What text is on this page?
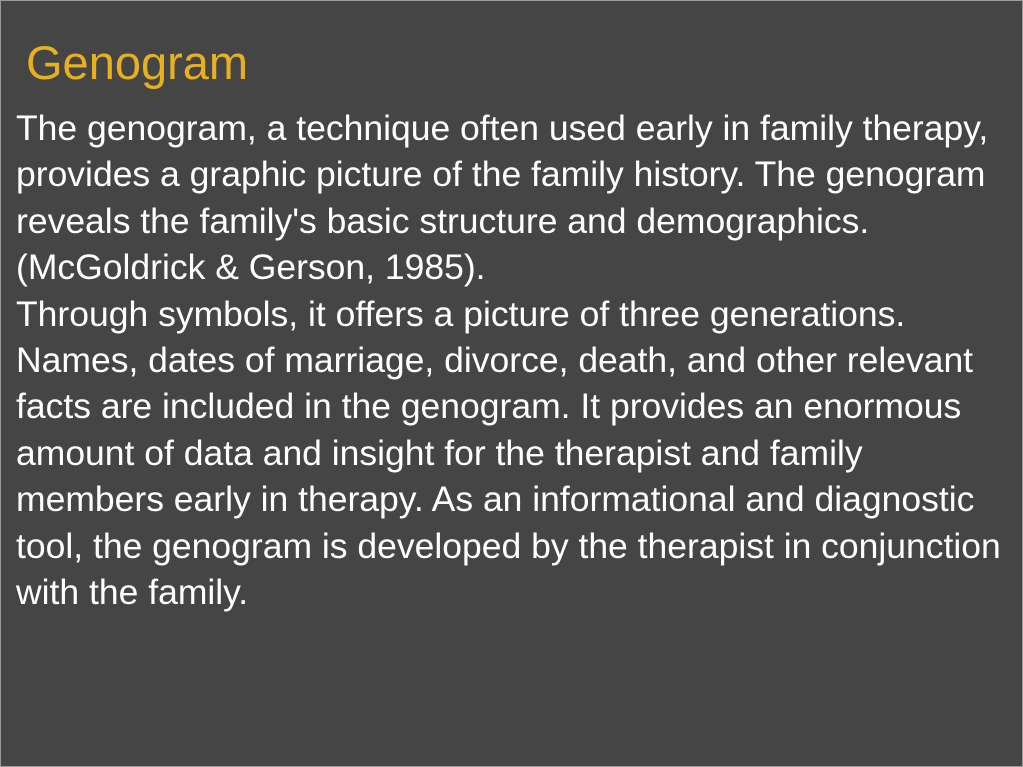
Genogram

The genogram, a technique often used early in family therapy, provides a graphic picture of the family history. The genogram reveals the family's basic structure and demographics. (McGoldrick & Gerson, 1985).

Through symbols, it offers a picture of three generations. Names, dates of marriage, divorce, death, and other relevant facts are included in the genogram. It provides an enormous amount of data and insight for the therapist and family members early in therapy. As an informational and diagnostic tool, the genogram is developed by the therapist in conjunction with the family.
